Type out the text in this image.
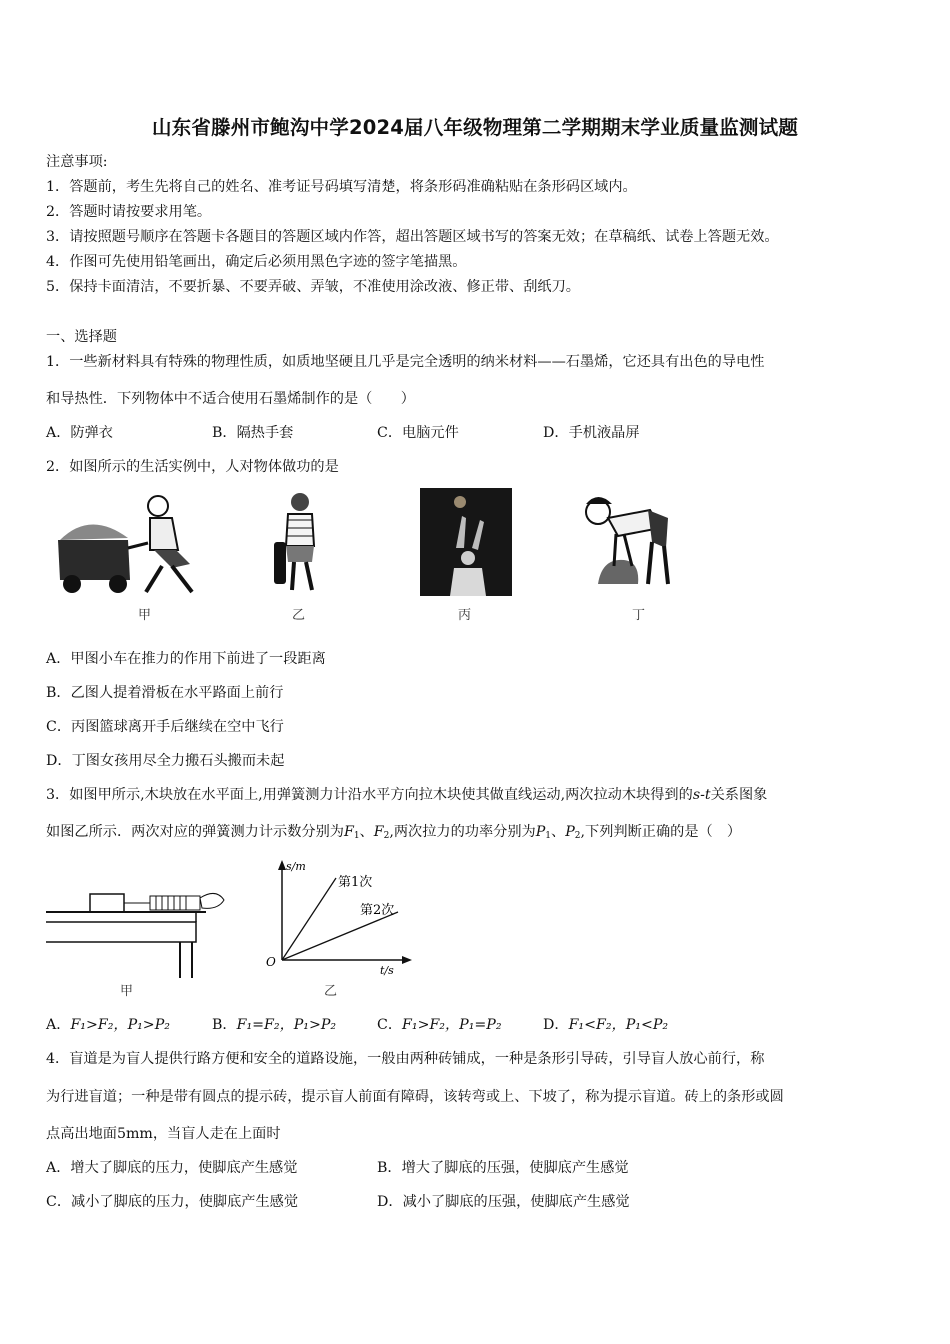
山东省滕州市鲍沟中学2024届八年级物理第二学期期末学业质量监测试题
注意事项:
1．答题前，考生先将自己的姓名、准考证号码填写清楚，将条形码准确粘贴在条形码区域内。
2．答题时请按要求用笔。
3．请按照题号顺序在答题卡各题目的答题区域内作答，超出答题区域书写的答案无效；在草稿纸、试卷上答题无效。
4．作图可先使用铅笔画出，确定后必须用黑色字迹的签字笔描黑。
5．保持卡面清洁，不要折暴、不要弄破、弄皱，不准使用涂改液、修正带、刮纸刀。
一、选择题
1．一些新材料具有特殊的物理性质，如质地坚硬且几乎是完全透明的纳米材料——石墨烯，它还具有出色的导电性
和导热性．下列物体中不适合使用石墨烯制作的是（　　）
A．防弹衣	B．隔热手套	C．电脑元件	D．手机液晶屏
2．如图所示的生活实例中，人对物体做功的是
甲	乙	丙	丁
A．甲图小车在推力的作用下前进了一段距离
B．乙图人提着滑板在水平路面上前行
C．丙图篮球离开手后继续在空中飞行
D．丁图女孩用尽全力搬石头搬而未起
3．如图甲所示,木块放在水平面上,用弹簧测力计沿水平方向拉木块使其做直线运动,两次拉动木块得到的s-t关系图象
如图乙所示．两次对应的弹簧测力计示数分别为$F_1$、$F_2$,两次拉力的功率分别为$P_1$、$P_2$,下列判断正确的是（　）
甲
s/m
t/s
O
第1次
第2次
乙
A．F₁>F₂，P₁>P₂	B．F₁=F₂，P₁>P₂	C．F₁>F₂，P₁=P₂	D．F₁<F₂，P₁<P₂
4．盲道是为盲人提供行路方便和安全的道路设施，一般由两种砖铺成，一种是条形引导砖，引导盲人放心前行，称
为行进盲道；一种是带有圆点的提示砖，提示盲人前面有障碍，该转弯或上、下坡了，称为提示盲道。砖上的条形或圆
点高出地面5mm，当盲人走在上面时
A．增大了脚底的压力，使脚底产生感觉	B．增大了脚底的压强，使脚底产生感觉
C．减小了脚底的压力，使脚底产生感觉	D．减小了脚底的压强，使脚底产生感觉
